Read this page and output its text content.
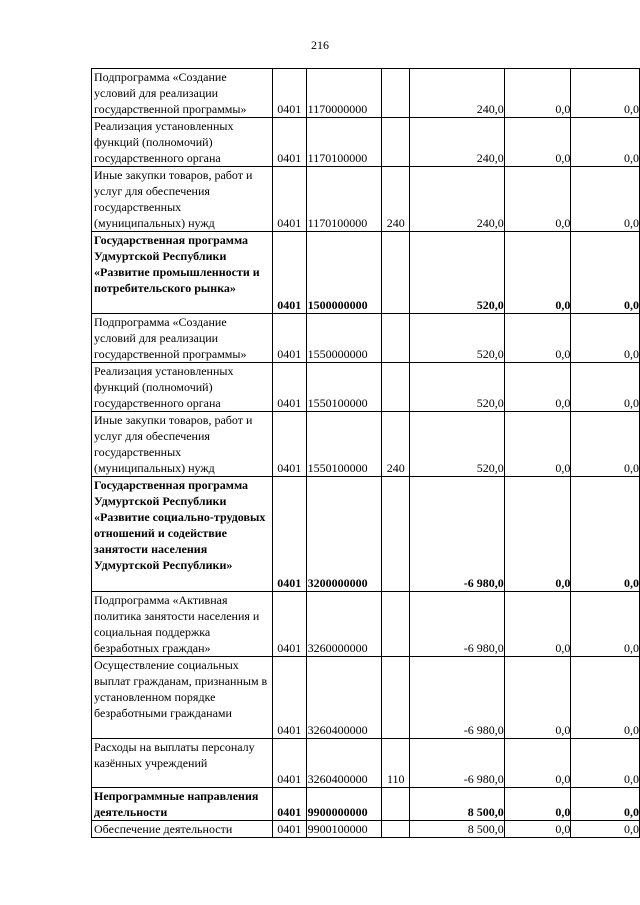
216
Подпрограмма «Создание условий для реализации государственной программы»	0401	1170000000		240,0	0,0	0,0
Реализация установленных функций (полномочий) государственного органа	0401	1170100000		240,0	0,0	0,0
Иные закупки товаров, работ и услуг для обеспечения государственных (муниципальных) нужд	0401	1170100000	240	240,0	0,0	0,0
Государственная программа Удмуртской Республики «Развитие промышленности и потребительского рынка»	0401	1500000000		520,0	0,0	0,0
Подпрограмма «Создание условий для реализации государственной программы»	0401	1550000000		520,0	0,0	0,0
Реализация установленных функций (полномочий) государственного органа	0401	1550100000		520,0	0,0	0,0
Иные закупки товаров, работ и услуг для обеспечения государственных (муниципальных) нужд	0401	1550100000	240	520,0	0,0	0,0
Государственная программа Удмуртской Республики «Развитие социально-трудовых отношений и содействие занятости населения Удмуртской Республики»	0401	3200000000		-6 980,0	0,0	0,0
Подпрограмма «Активная политика занятости населения и социальная поддержка безработных граждан»	0401	3260000000		-6 980,0	0,0	0,0
Осуществление социальных выплат гражданам, признанным в установленном порядке безработными гражданами	0401	3260400000		-6 980,0	0,0	0,0
Расходы на выплаты персоналу казённых учреждений	0401	3260400000	110	-6 980,0	0,0	0,0
Непрограммные направления деятельности	0401	9900000000		8 500,0	0,0	0,0
Обеспечение деятельности	0401	9900100000		8 500,0	0,0	0,0
